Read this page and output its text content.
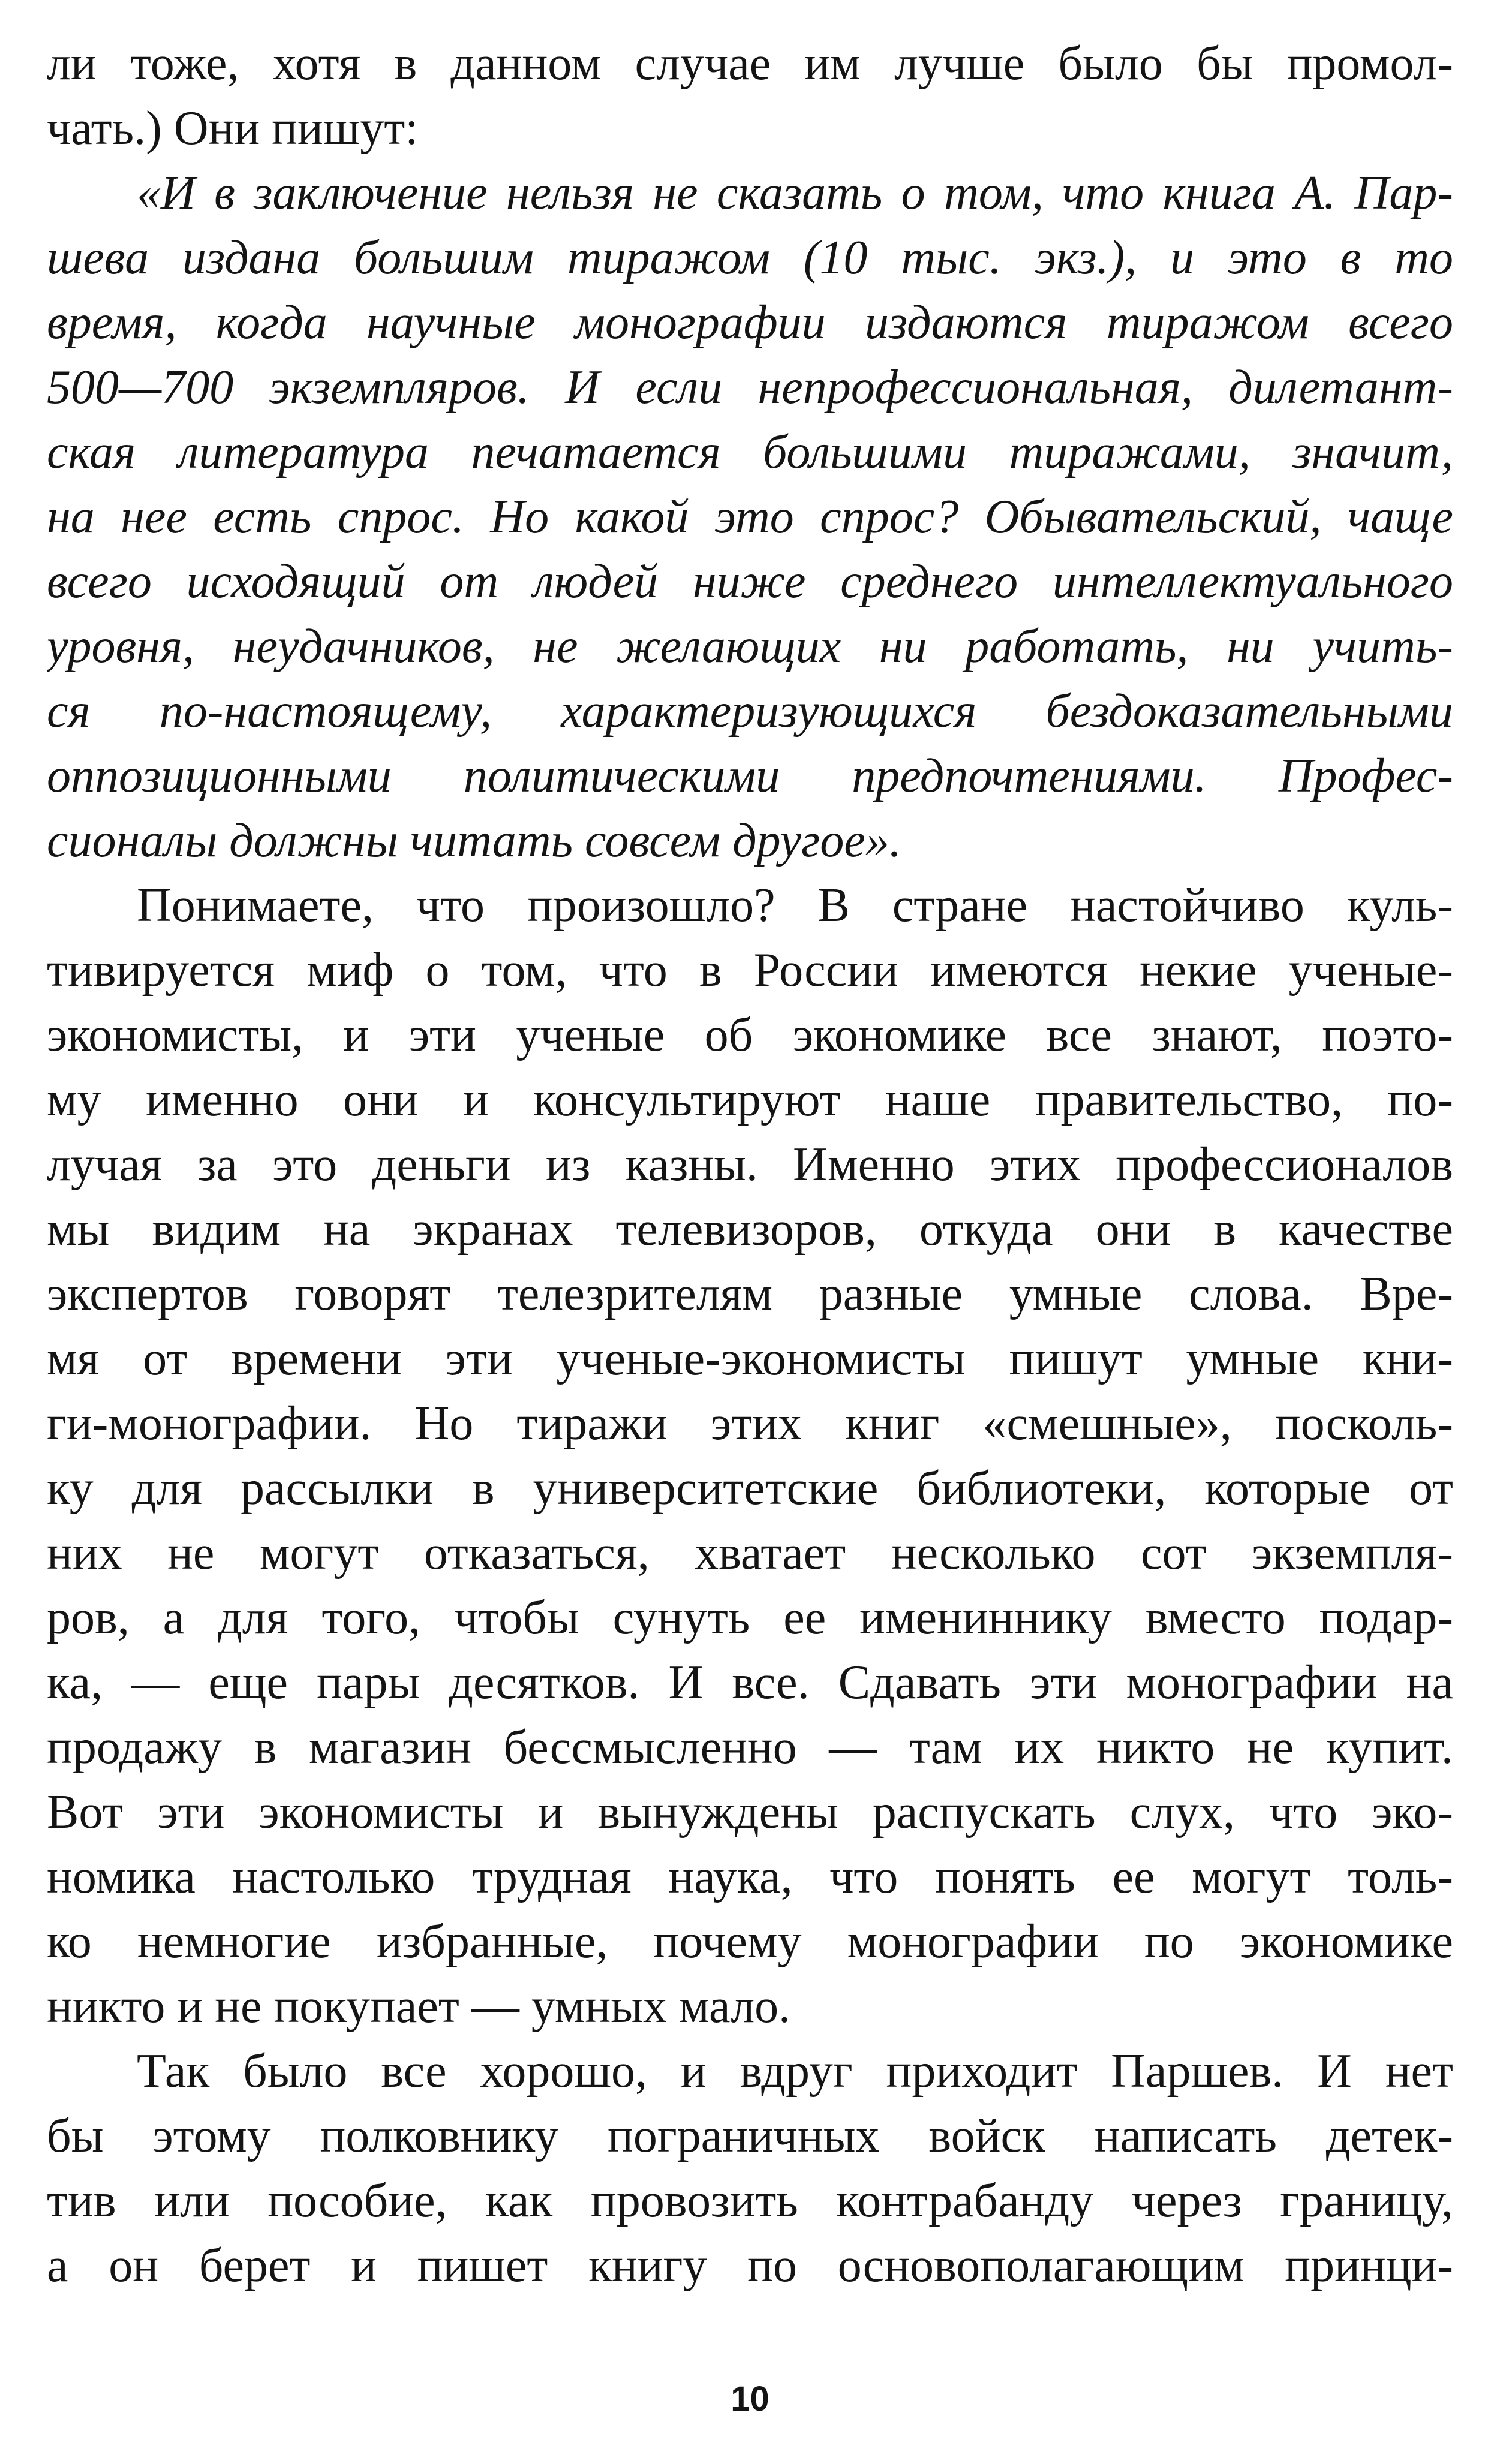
ли тоже, хотя в данном случае им лучше было бы промол-
чать.) Они пишут:
«И в заключение нельзя не сказать о том, что книга А. Пар-
шева издана большим тиражом (10 тыс. экз.), и это в то
время, когда научные монографии издаются тиражом всего
500—700 экземпляров. И если непрофессиональная, дилетант-
ская литература печатается большими тиражами, значит,
на нее есть спрос. Но какой это спрос? Обывательский, чаще
всего исходящий от людей ниже среднего интеллектуального
уровня, неудачников, не желающих ни работать, ни учить-
ся по-настоящему, характеризующихся бездоказательными
оппозиционными политическими предпочтениями. Профес-
сионалы должны читать совсем другое».
Понимаете, что произошло? В стране настойчиво куль-
тивируется миф о том, что в России имеются некие ученые-
экономисты, и эти ученые об экономике все знают, поэто-
му именно они и консультируют наше правительство, по-
лучая за это деньги из казны. Именно этих профессионалов
мы видим на экранах телевизоров, откуда они в качестве
экспертов говорят телезрителям разные умные слова. Вре-
мя от времени эти ученые-экономисты пишут умные кни-
ги-монографии. Но тиражи этих книг «смешные», посколь-
ку для рассылки в университетские библиотеки, которые от
них не могут отказаться, хватает несколько сот экземпля-
ров, а для того, чтобы сунуть ее имениннику вместо подар-
ка, — еще пары десятков. И все. Сдавать эти монографии на
продажу в магазин бессмысленно — там их никто не купит.
Вот эти экономисты и вынуждены распускать слух, что эко-
номика настолько трудная наука, что понять ее могут толь-
ко немногие избранные, почему монографии по экономике
никто и не покупает — умных мало.
Так было все хорошо, и вдруг приходит Паршев. И нет
бы этому полковнику пограничных войск написать детек-
тив или пособие, как провозить контрабанду через границу,
а он берет и пишет книгу по основополагающим принци-
10
